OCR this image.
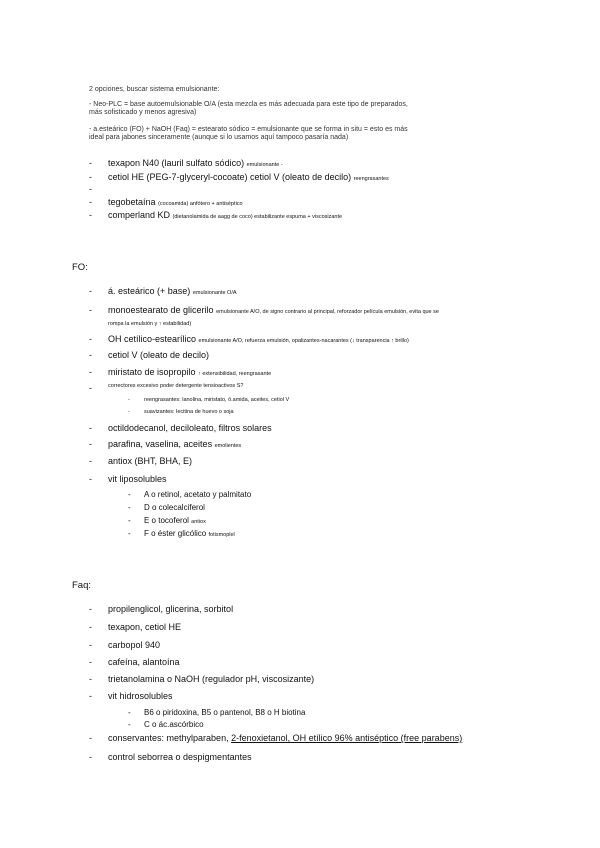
2 opciones, buscar sistema emulsionante:

- Neo-PLC = base autoemulsionable O/A (esta mezcla es más adecuada para este tipo de preparados,

más sofisticado y menos agresiva)

- a.esteárico (FO) + NaOH (Faq) = estearato sódico = emulsionante que se forma in situ = esto es más

ideal para jabones sinceramente (aunque si lo usamos aquí tampoco pasaría nada)

- texapon N40 (lauril sulfato sódico) emulsionante -
- cetiol HE (PEG-7-glyceryl-cocoate) cetiol V (oleato de decilo) reengrasantes
-
- tegobetaína (cocoamida) anfótero + antiséptico
- comperland KD (dietanolamida de aagg de coco) estabilizante espuma + viscosizante
FO:
- á. esteárico (+ base) emulsionante O/A
- monoestearato de glicerilo emulsionante A/O, de signo contrario al principal, reforzador película emulsión, evita que se
rompa la emulsión y ↑ estabilidad)
- OH cetílico-estearílico emulsionante A/O, refuerza emulsión, opalizantes-nacarantes (↓ transparencia ↑ brillo)
- cetiol V (oleato de decilo)
- miristato de isopropilo ↑ extensibilidad, reengrasante
-	correctores excesivo poder detergente tensioactivos S?
-	reengrasantes: lanolina, miristato, ō.amida, aceites, cetiol V
-	suavizantes: lecitina de huevo o soja
- octildodecanol, deciloleato, filtros solares
- parafina, vaselina, aceites emolientes
- antiox (BHT, BHA, E)
- vit liposolubles
- A o retinol, acetato y palmitato
- D o colecalciferol
- E o tocoferol antiox
- F o éster glicólico fotismoplel
Faq:
- propilenglicol, glicerina, sorbitol
- texapon, cetiol HE
- carbopol 940
- cafeína, alantoína
- trietanolamina o NaOH (regulador pH, viscosizante)
- vit hidrosolubles
- B6 o piridoxina, B5 o pantenol, B8 o H biotina
- C o ác.ascórbico
- conservantes: methylparaben, 2-fenoxietanol, OH etílico 96% antiséptico (free parabens)
- control seborrea o despigmentantes
